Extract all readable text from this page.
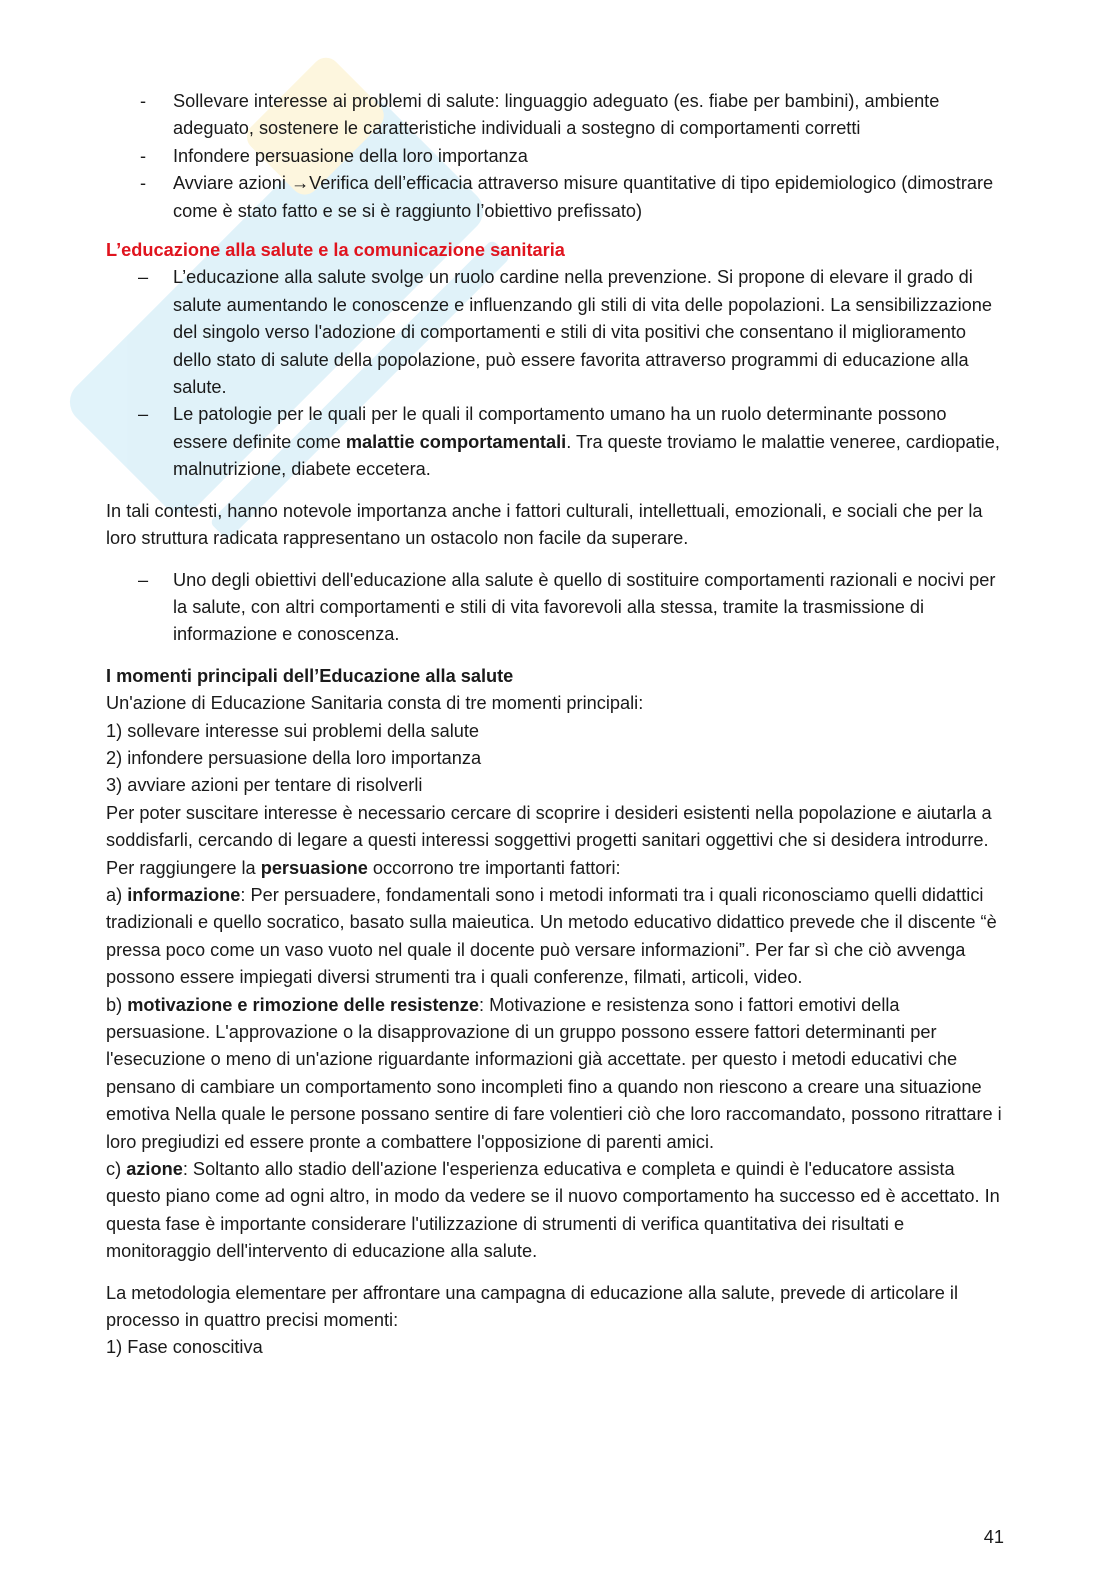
- Sollevare interesse ai problemi di salute: linguaggio adeguato (es. fiabe per bambini), ambiente adeguato, sostenere le caratteristiche individuali a sostegno di comportamenti corretti
- Infondere persuasione della loro importanza
- Avviare azioni →Verifica dell’efficacia attraverso misure quantitative di tipo epidemiologico (dimostrare come è stato fatto e se si è raggiunto l’obiettivo prefissato)

L’educazione alla salute e la comunicazione sanitaria

– L’educazione alla salute svolge un ruolo cardine nella prevenzione. Si propone di elevare il grado di salute aumentando le conoscenze e influenzando gli stili di vita delle popolazioni. La sensibilizzazione del singolo verso l'adozione di comportamenti e stili di vita positivi che consentano il miglioramento dello stato di salute della popolazione, può essere favorita attraverso programmi di educazione alla salute.
– Le patologie per le quali per le quali il comportamento umano ha un ruolo determinante possono essere definite come malattie comportamentali. Tra queste troviamo le malattie veneree, cardiopatie, malnutrizione, diabete eccetera.

In tali contesti, hanno notevole importanza anche i fattori culturali, intellettuali, emozionali, e sociali che per la loro struttura radicata rappresentano un ostacolo non facile da superare.

– Uno degli obiettivi dell'educazione alla salute è quello di sostituire comportamenti razionali e nocivi per la salute, con altri comportamenti e stili di vita favorevoli alla stessa, tramite la trasmissione di informazione e conoscenza.

I momenti principali dell’Educazione alla salute

Un'azione di Educazione Sanitaria consta di tre momenti principali:

1) sollevare interesse sui problemi della salute

2) infondere persuasione della loro importanza

3) avviare azioni per tentare di risolverli

Per poter suscitare interesse è necessario cercare di scoprire i desideri esistenti nella popolazione e aiutarla a soddisfarli, cercando di legare a questi interessi soggettivi progetti sanitari oggettivi che si desidera introdurre.

Per raggiungere la persuasione occorrono tre importanti fattori:

a) informazione: Per persuadere, fondamentali sono i metodi informati tra i quali riconosciamo quelli didattici tradizionali e quello socratico, basato sulla maieutica. Un metodo educativo didattico prevede che il discente “è pressa poco come un vaso vuoto nel quale il docente può versare informazioni”. Per far sì che ciò avvenga possono essere impiegati diversi strumenti tra i quali conferenze, filmati, articoli, video.

b) motivazione e rimozione delle resistenze: Motivazione e resistenza sono i fattori emotivi della persuasione. L'approvazione o la disapprovazione di un gruppo possono essere fattori determinanti per l'esecuzione o meno di un'azione riguardante informazioni già accettate. per questo i metodi educativi che pensano di cambiare un comportamento sono incompleti fino a quando non riescono a creare una situazione emotiva Nella quale le persone possano sentire di fare volentieri ciò che loro raccomandato, possono ritrattare i loro pregiudizi ed essere pronte a combattere l'opposizione di parenti amici.

c) azione: Soltanto allo stadio dell'azione l'esperienza educativa e completa e quindi è l'educatore assista questo piano come ad ogni altro, in modo da vedere se il nuovo comportamento ha successo ed è accettato. In questa fase è importante considerare l'utilizzazione di strumenti di verifica quantitativa dei risultati e monitoraggio dell'intervento di educazione alla salute.

La metodologia elementare per affrontare una campagna di educazione alla salute, prevede di articolare il processo in quattro precisi momenti:

1) Fase conoscitiva

41
